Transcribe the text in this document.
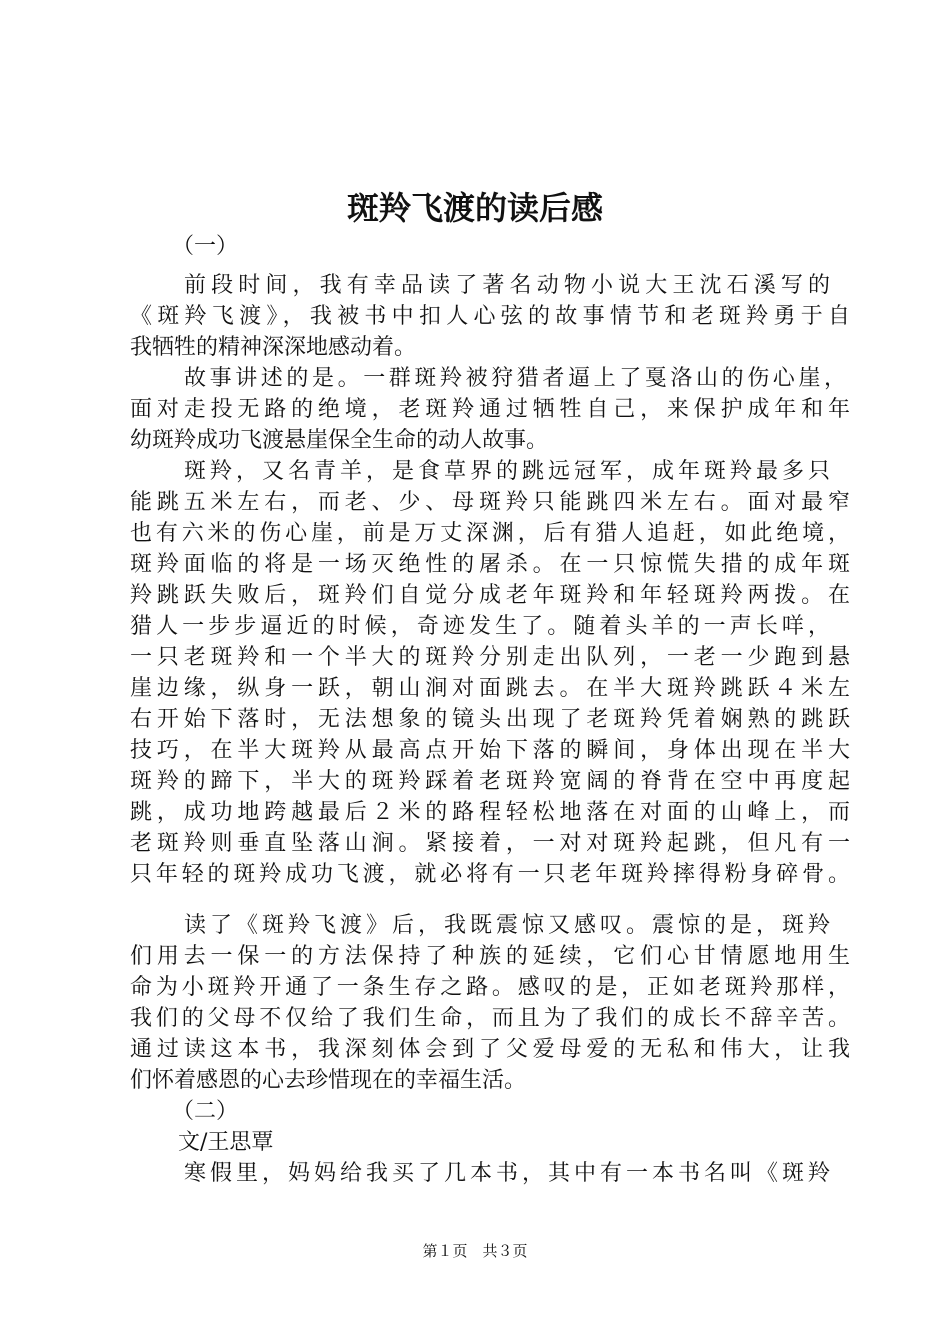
斑羚飞渡的读后感
（一）
前段时间，我有幸品读了著名动物小说大王沈石溪写的
《斑羚飞渡》，我被书中扣人心弦的故事情节和老斑羚勇于自
我牺牲的精神深深地感动着。
故事讲述的是。一群斑羚被狩猎者逼上了戛洛山的伤心崖，
面对走投无路的绝境，老斑羚通过牺牲自己，来保护成年和年
幼斑羚成功飞渡悬崖保全生命的动人故事。
斑羚，又名青羊，是食草界的跳远冠军，成年斑羚最多只
能跳五米左右，而老、少、母斑羚只能跳四米左右。面对最窄
也有六米的伤心崖，前是万丈深渊，后有猎人追赶，如此绝境，
斑羚面临的将是一场灭绝性的屠杀。在一只惊慌失措的成年斑
羚跳跃失败后，斑羚们自觉分成老年斑羚和年轻斑羚两拨。在
猎人一步步逼近的时候，奇迹发生了。随着头羊的一声长咩，
一只老斑羚和一个半大的斑羚分别走出队列，一老一少跑到悬
崖边缘，纵身一跃，朝山涧对面跳去。在半大斑羚跳跃４米左
右开始下落时，无法想象的镜头出现了老斑羚凭着娴熟的跳跃
技巧，在半大斑羚从最高点开始下落的瞬间，身体出现在半大
斑羚的蹄下，半大的斑羚踩着老斑羚宽阔的脊背在空中再度起
跳，成功地跨越最后２米的路程轻松地落在对面的山峰上，而
老斑羚则垂直坠落山涧。紧接着，一对对斑羚起跳，但凡有一
只年轻的斑羚成功飞渡，就必将有一只老年斑羚摔得粉身碎骨。
读了《斑羚飞渡》后，我既震惊又感叹。震惊的是，斑羚
们用去一保一的方法保持了种族的延续，它们心甘情愿地用生
命为小斑羚开通了一条生存之路。感叹的是，正如老斑羚那样，
我们的父母不仅给了我们生命，而且为了我们的成长不辞辛苦。
通过读这本书，我深刻体会到了父爱母爱的无私和伟大，让我
们怀着感恩的心去珍惜现在的幸福生活。
（二）
文/王思覃
寒假里，妈妈给我买了几本书，其中有一本书名叫《斑羚
第１页　共３页
